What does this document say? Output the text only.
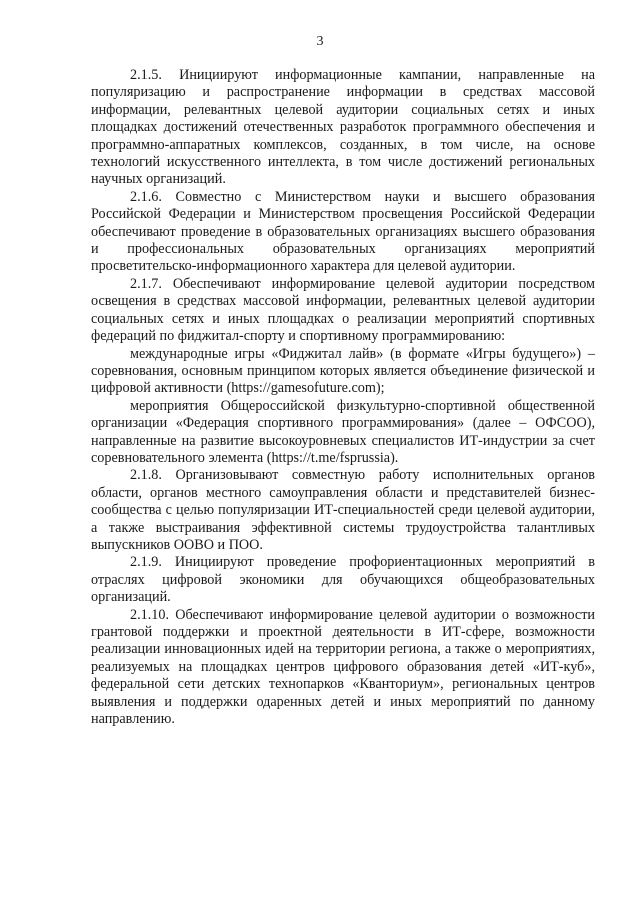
3

2.1.5. Инициируют информационные кампании, направленные на популяризацию и распространение информации в средствах массовой информации, релевантных целевой аудитории социальных сетях и иных площадках достижений отечественных разработок программного обеспечения и программно-аппаратных комплексов, созданных, в том числе, на основе технологий искусственного интеллекта, в том числе достижений региональных научных организаций.

2.1.6. Совместно с Министерством науки и высшего образования Российской Федерации и Министерством просвещения Российской Федерации обеспечивают проведение в образовательных организациях высшего образования и профессиональных образовательных организациях мероприятий просветительско-информационного характера для целевой аудитории.

2.1.7. Обеспечивают информирование целевой аудитории посредством освещения в средствах массовой информации, релевантных целевой аудитории социальных сетях и иных площадках о реализации мероприятий спортивных федераций по фиджитал-спорту и спортивному программированию:

международные игры «Фиджитал лайв» (в формате «Игры будущего») – соревнования, основным принципом которых является объединение физической и цифровой активности (https://gamesofuture.com);

мероприятия Общероссийской физкультурно-спортивной общественной организации «Федерация спортивного программирования» (далее – ОФСОО), направленные на развитие высокоуровневых специалистов ИТ-индустрии за счет соревновательного элемента (https://t.me/fsprussia).

2.1.8. Организовывают совместную работу исполнительных органов области, органов местного самоуправления области и представителей бизнес-сообщества с целью популяризации ИТ-специальностей среди целевой аудитории, а также выстраивания эффективной системы трудоустройства талантливых выпускников ООВО и ПОО.

2.1.9. Инициируют проведение профориентационных мероприятий в отраслях цифровой экономики для обучающихся общеобразовательных организаций.

2.1.10. Обеспечивают информирование целевой аудитории о возможности грантовой поддержки и проектной деятельности в ИТ-сфере, возможности реализации инновационных идей на территории региона, а также о мероприятиях, реализуемых на площадках центров цифрового образования детей «ИТ-куб», федеральной сети детских технопарков «Кванториум», региональных центров выявления и поддержки одаренных детей и иных мероприятий по данному направлению.
